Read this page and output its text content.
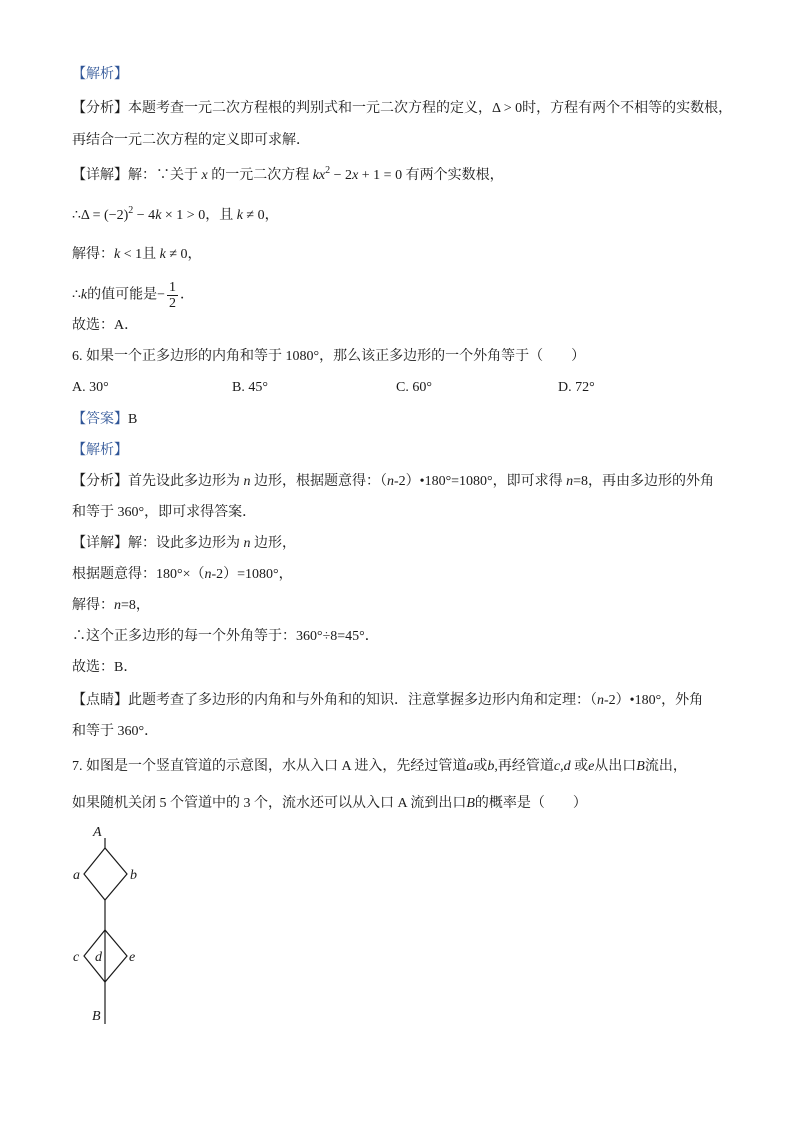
【解析】
【分析】本题考查一元二次方程根的判别式和一元二次方程的定义，Δ > 0时，方程有两个不相等的实数根，
再结合一元二次方程的定义即可求解．
【详解】解：∵关于 x 的一元二次方程 $kx^2 - 2x + 1 = 0$ 有两个实数根，
∴Δ = $(-2)^2 - 4k \times 1 > 0$，且 k ≠ 0，
解得：k < 1且 k ≠ 0，
∴k的值可能是− $\frac{1}{2}$ ．
故选：A．
6. 如果一个正多边形的内角和等于 1080°，那么该正多边形的一个外角等于（　　）
A. 30°	B. 45°	C. 60°	D. 72°
【答案】B
【解析】
【分析】首先设此多边形为 n 边形，根据题意得：（n-2）•180°=1080°，即可求得 n=8，再由多边形的外角
和等于 360°，即可求得答案．
【详解】解：设此多边形为 n 边形，
根据题意得：180°×（n-2）=1080°，
解得：n=8，
∴这个正多边形的每一个外角等于：360°÷8=45°．
故选：B．
【点睛】此题考查了多边形的内角和与外角和的知识．注意掌握多边形内角和定理：（n-2）•180°，外角
和等于 360°．
7. 如图是一个竖直管道的示意图，水从入口 A 进入，先经过管道a或b,再经管道c,d 或e从出口B流出，
如果随机关闭 5 个管道中的 3 个，流水还可以从入口 A 流到出口B的概率是（　　）
A
a	b
c d e
B
